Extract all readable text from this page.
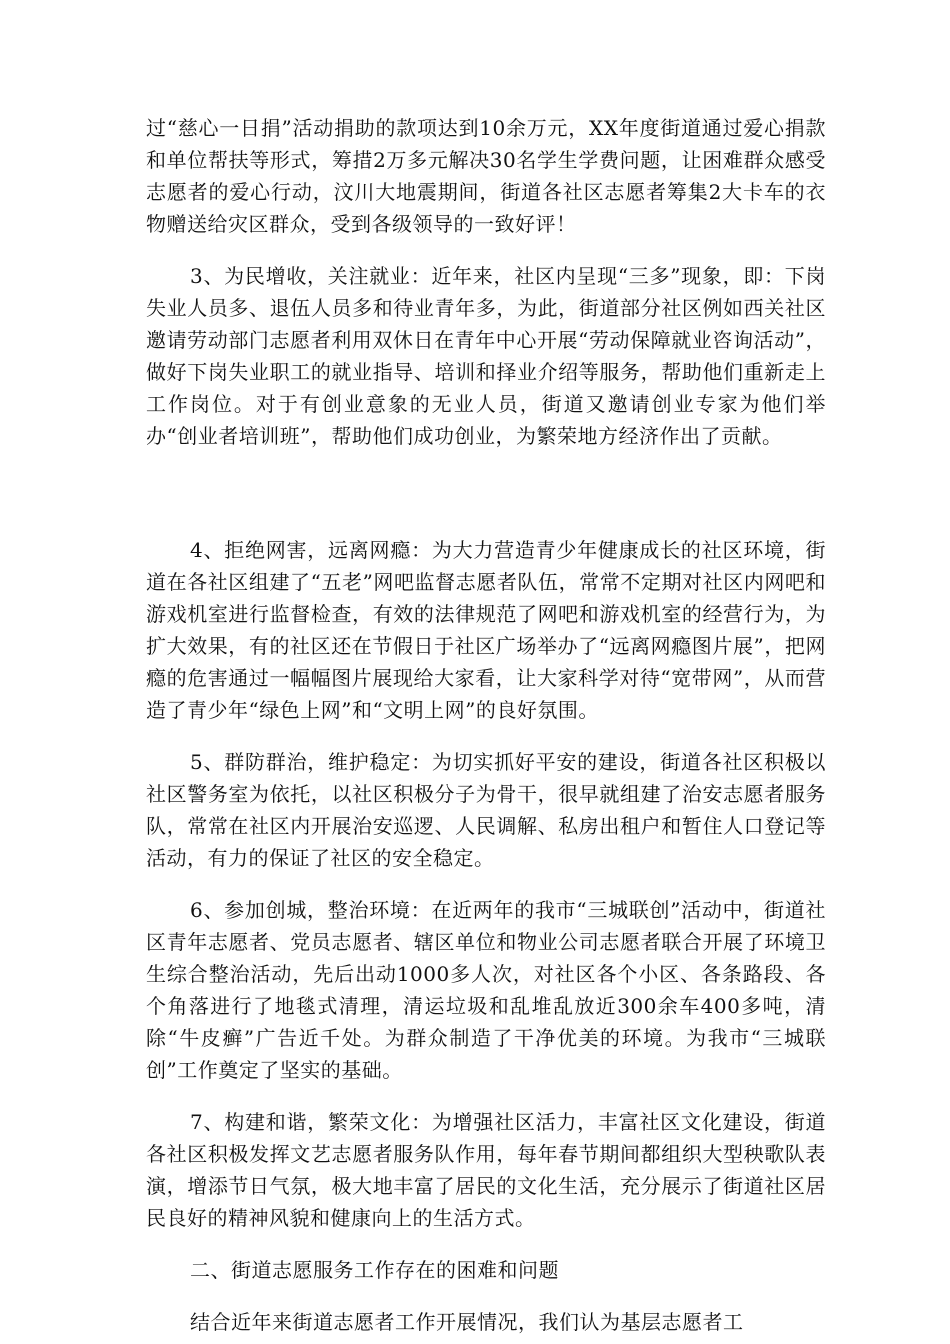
过“慈心一日捐”活动捐助的款项达到10余万元，XX年度街道通过爱心捐款和单位帮扶等形式，筹措2万多元解决30名学生学费问题，让困难群众感受志愿者的爱心行动，汶川大地震期间，街道各社区志愿者筹集2大卡车的衣物赠送给灾区群众，受到各级领导的一致好评！

3、为民增收，关注就业：近年来，社区内呈现“三多”现象，即：下岗失业人员多、退伍人员多和待业青年多，为此，街道部分社区例如西关社区邀请劳动部门志愿者利用双休日在青年中心开展“劳动保障就业咨询活动”，做好下岗失业职工的就业指导、培训和择业介绍等服务，帮助他们重新走上工作岗位。对于有创业意象的无业人员，街道又邀请创业专家为他们举办“创业者培训班”，帮助他们成功创业，为繁荣地方经济作出了贡献。

4、拒绝网害，远离网瘾：为大力营造青少年健康成长的社区环境，街道在各社区组建了“五老”网吧监督志愿者队伍，常常不定期对社区内网吧和游戏机室进行监督检查，有效的法律规范了网吧和游戏机室的经营行为，为扩大效果，有的社区还在节假日于社区广场举办了“远离网瘾图片展”，把网瘾的危害通过一幅幅图片展现给大家看，让大家科学对待“宽带网”，从而营造了青少年“绿色上网”和“文明上网”的良好氛围。

5、群防群治，维护稳定：为切实抓好平安的建设，街道各社区积极以社区警务室为依托，以社区积极分子为骨干，很早就组建了治安志愿者服务队，常常在社区内开展治安巡逻、人民调解、私房出租户和暂住人口登记等活动，有力的保证了社区的安全稳定。

6、参加创城，整治环境：在近两年的我市“三城联创”活动中，街道社区青年志愿者、党员志愿者、辖区单位和物业公司志愿者联合开展了环境卫生综合整治活动，先后出动1000多人次，对社区各个小区、各条路段、各个角落进行了地毯式清理，清运垃圾和乱堆乱放近300余车400多吨，清除“牛皮癣”广告近千处。为群众制造了干净优美的环境。为我市“三城联创”工作奠定了坚实的基础。

7、构建和谐，繁荣文化：为增强社区活力，丰富社区文化建设，街道各社区积极发挥文艺志愿者服务队作用，每年春节期间都组织大型秧歌队表演，增添节日气氛，极大地丰富了居民的文化生活，充分展示了街道社区居民良好的精神风貌和健康向上的生活方式。

二、街道志愿服务工作存在的困难和问题

结合近年来街道志愿者工作开展情况，我们认为基层志愿者工
